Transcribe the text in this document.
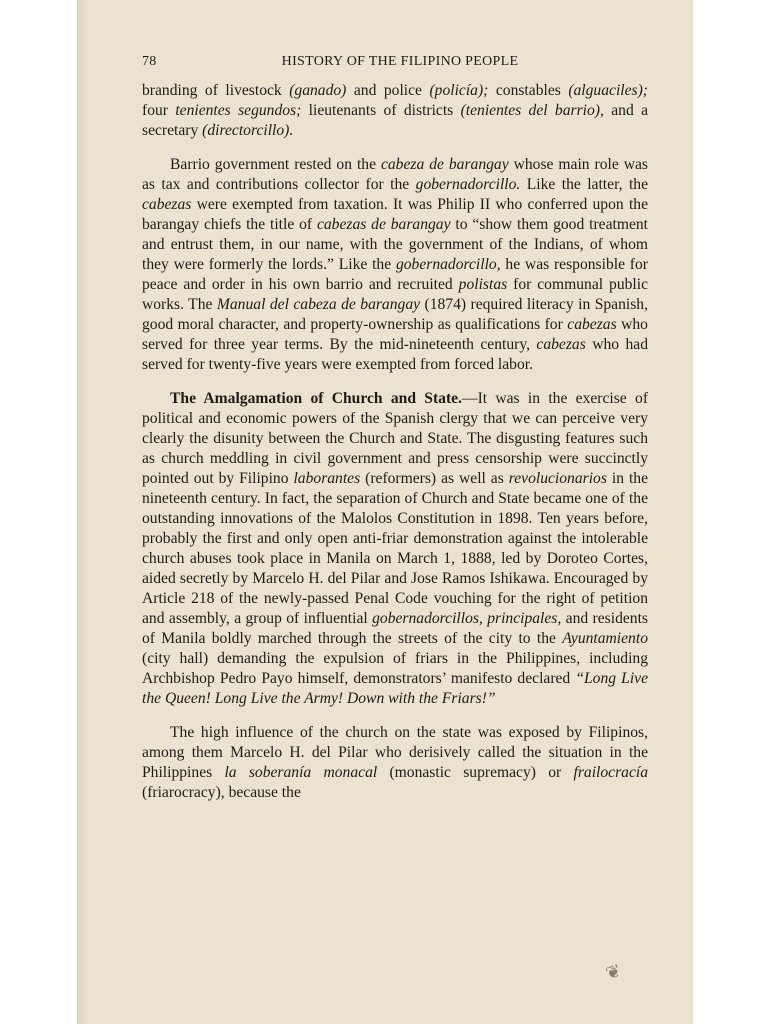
78	HISTORY OF THE FILIPINO PEOPLE

branding of livestock (ganado) and police (policía); constables (alguaciles); four tenientes segundos; lieutenants of districts (tenientes del barrio), and a secretary (directorcillo).

Barrio government rested on the cabeza de barangay whose main role was as tax and contributions collector for the gobernadorcillo. Like the latter, the cabezas were exempted from taxation. It was Philip II who conferred upon the barangay chiefs the title of cabezas de barangay to “show them good treatment and entrust them, in our name, with the government of the Indians, of whom they were formerly the lords.” Like the gobernadorcillo, he was responsible for peace and order in his own barrio and recruited polistas for communal public works. The Manual del cabeza de barangay (1874) required literacy in Spanish, good moral character, and property-ownership as qualifications for cabezas who served for three year terms. By the mid-nineteenth century, cabezas who had served for twenty-five years were exempted from forced labor.

The Amalgamation of Church and State.—It was in the exercise of political and economic powers of the Spanish clergy that we can perceive very clearly the disunity between the Church and State. The disgusting features such as church meddling in civil government and press censorship were succinctly pointed out by Filipino laborantes (reformers) as well as revolucionarios in the nineteenth century. In fact, the separation of Church and State became one of the outstanding innovations of the Malolos Constitution in 1898. Ten years before, probably the first and only open anti-friar demonstration against the intolerable church abuses took place in Manila on March 1, 1888, led by Doroteo Cortes, aided secretly by Marcelo H. del Pilar and Jose Ramos Ishikawa. Encouraged by Article 218 of the newly-passed Penal Code vouching for the right of petition and assembly, a group of influential gobernadorcillos, principales, and residents of Manila boldly marched through the streets of the city to the Ayuntamiento (city hall) demanding the expulsion of friars in the Philippines, including Archbishop Pedro Payo himself, demonstrators’ manifesto declared “Long Live the Queen! Long Live the Army! Down with the Friars!”

The high influence of the church on the state was exposed by Filipinos, among them Marcelo H. del Pilar who derisively called the situation in the Philippines la soberanía monacal (monastic supremacy) or frailocracía (friarocracy), because the

❦
